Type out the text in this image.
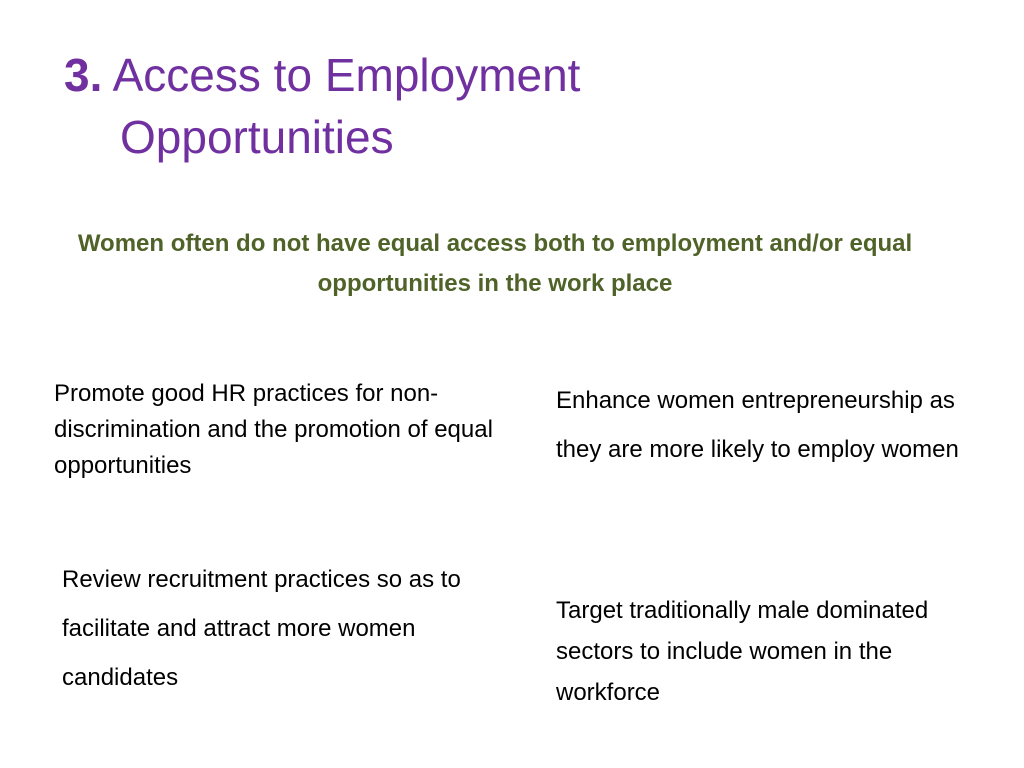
3. Access to Employment
Opportunities
Women often do not have equal access both to employment and/or equal opportunities in the work place
Promote good HR practices for non-discrimination and the promotion of equal opportunities
Enhance women entrepreneurship as they are more likely to employ women
Review recruitment practices so as to facilitate and attract more women candidates
Target traditionally male dominated sectors to include women in the workforce
